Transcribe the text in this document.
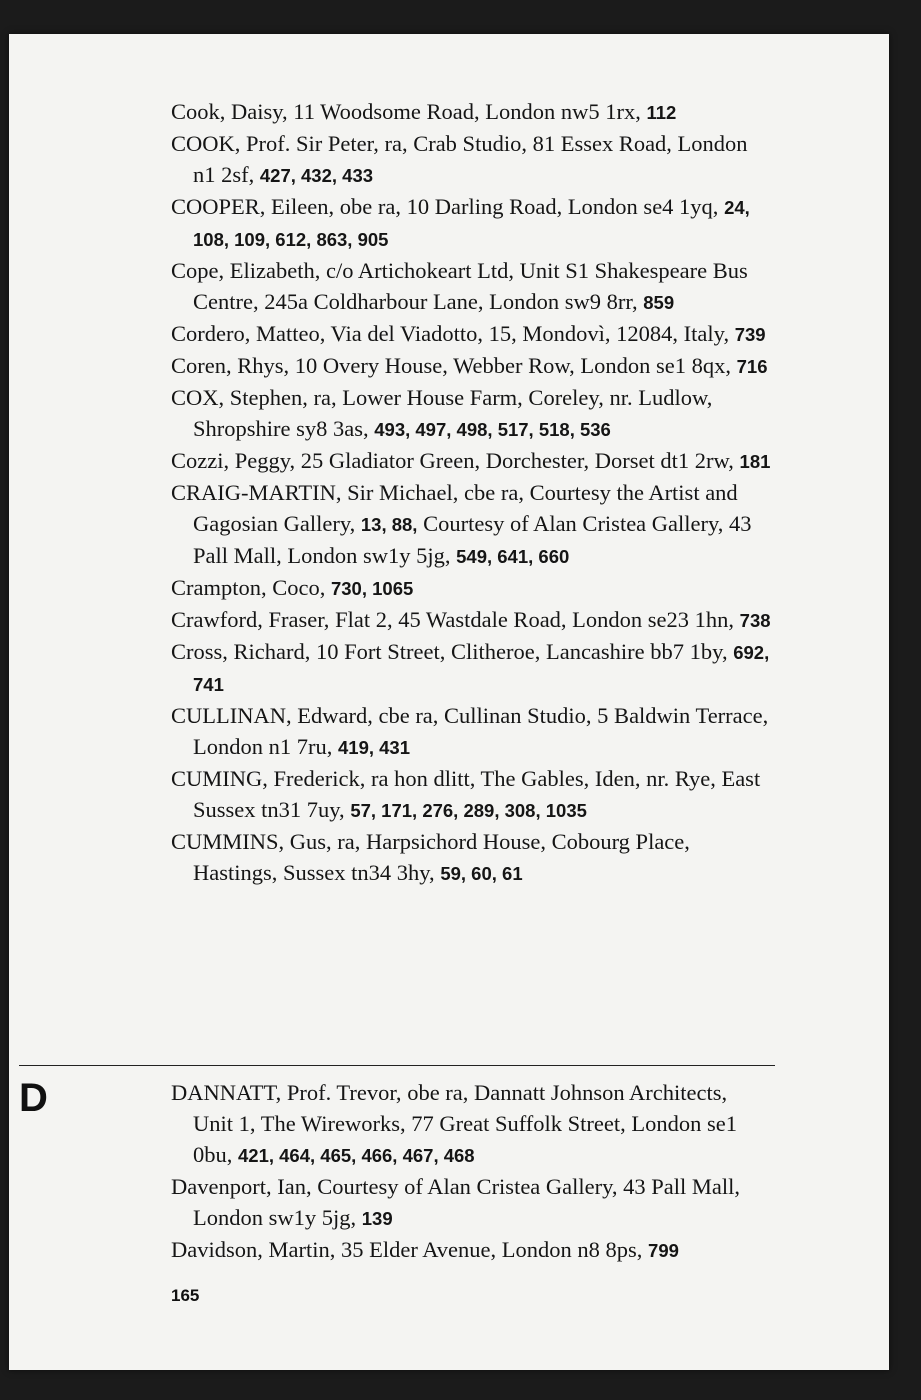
Cook, Daisy, 11 Woodsome Road, London nw5 1rx, 112
COOK, Prof. Sir Peter, ra, Crab Studio, 81 Essex Road, London n1 2sf, 427, 432, 433
COOPER, Eileen, obe ra, 10 Darling Road, London se4 1yq, 24, 108, 109, 612, 863, 905
Cope, Elizabeth, c/o Artichokeart Ltd, Unit S1 Shakespeare Bus Centre, 245a Coldharbour Lane, London sw9 8rr, 859
Cordero, Matteo, Via del Viadotto, 15, Mondovì, 12084, Italy, 739
Coren, Rhys, 10 Overy House, Webber Row, London se1 8qx, 716
COX, Stephen, ra, Lower House Farm, Coreley, nr. Ludlow, Shropshire sy8 3as, 493, 497, 498, 517, 518, 536
Cozzi, Peggy, 25 Gladiator Green, Dorchester, Dorset dt1 2rw, 181
CRAIG-MARTIN, Sir Michael, cbe ra, Courtesy the Artist and Gagosian Gallery, 13, 88, Courtesy of Alan Cristea Gallery, 43 Pall Mall, London sw1y 5jg, 549, 641, 660
Crampton, Coco, 730, 1065
Crawford, Fraser, Flat 2, 45 Wastdale Road, London se23 1hn, 738
Cross, Richard, 10 Fort Street, Clitheroe, Lancashire bb7 1by, 692, 741
CULLINAN, Edward, cbe ra, Cullinan Studio, 5 Baldwin Terrace, London n1 7ru, 419, 431
CUMING, Frederick, ra hon dlitt, The Gables, Iden, nr. Rye, East Sussex tn31 7uy, 57, 171, 276, 289, 308, 1035
CUMMINS, Gus, ra, Harpsichord House, Cobourg Place, Hastings, Sussex tn34 3hy, 59, 60, 61
D	DANNATT, Prof. Trevor, obe ra, Dannatt Johnson Architects, Unit 1, The Wireworks, 77 Great Suffolk Street, London se1 0bu, 421, 464, 465, 466, 467, 468
Davenport, Ian, Courtesy of Alan Cristea Gallery, 43 Pall Mall, London sw1y 5jg, 139
Davidson, Martin, 35 Elder Avenue, London n8 8ps, 799
165
